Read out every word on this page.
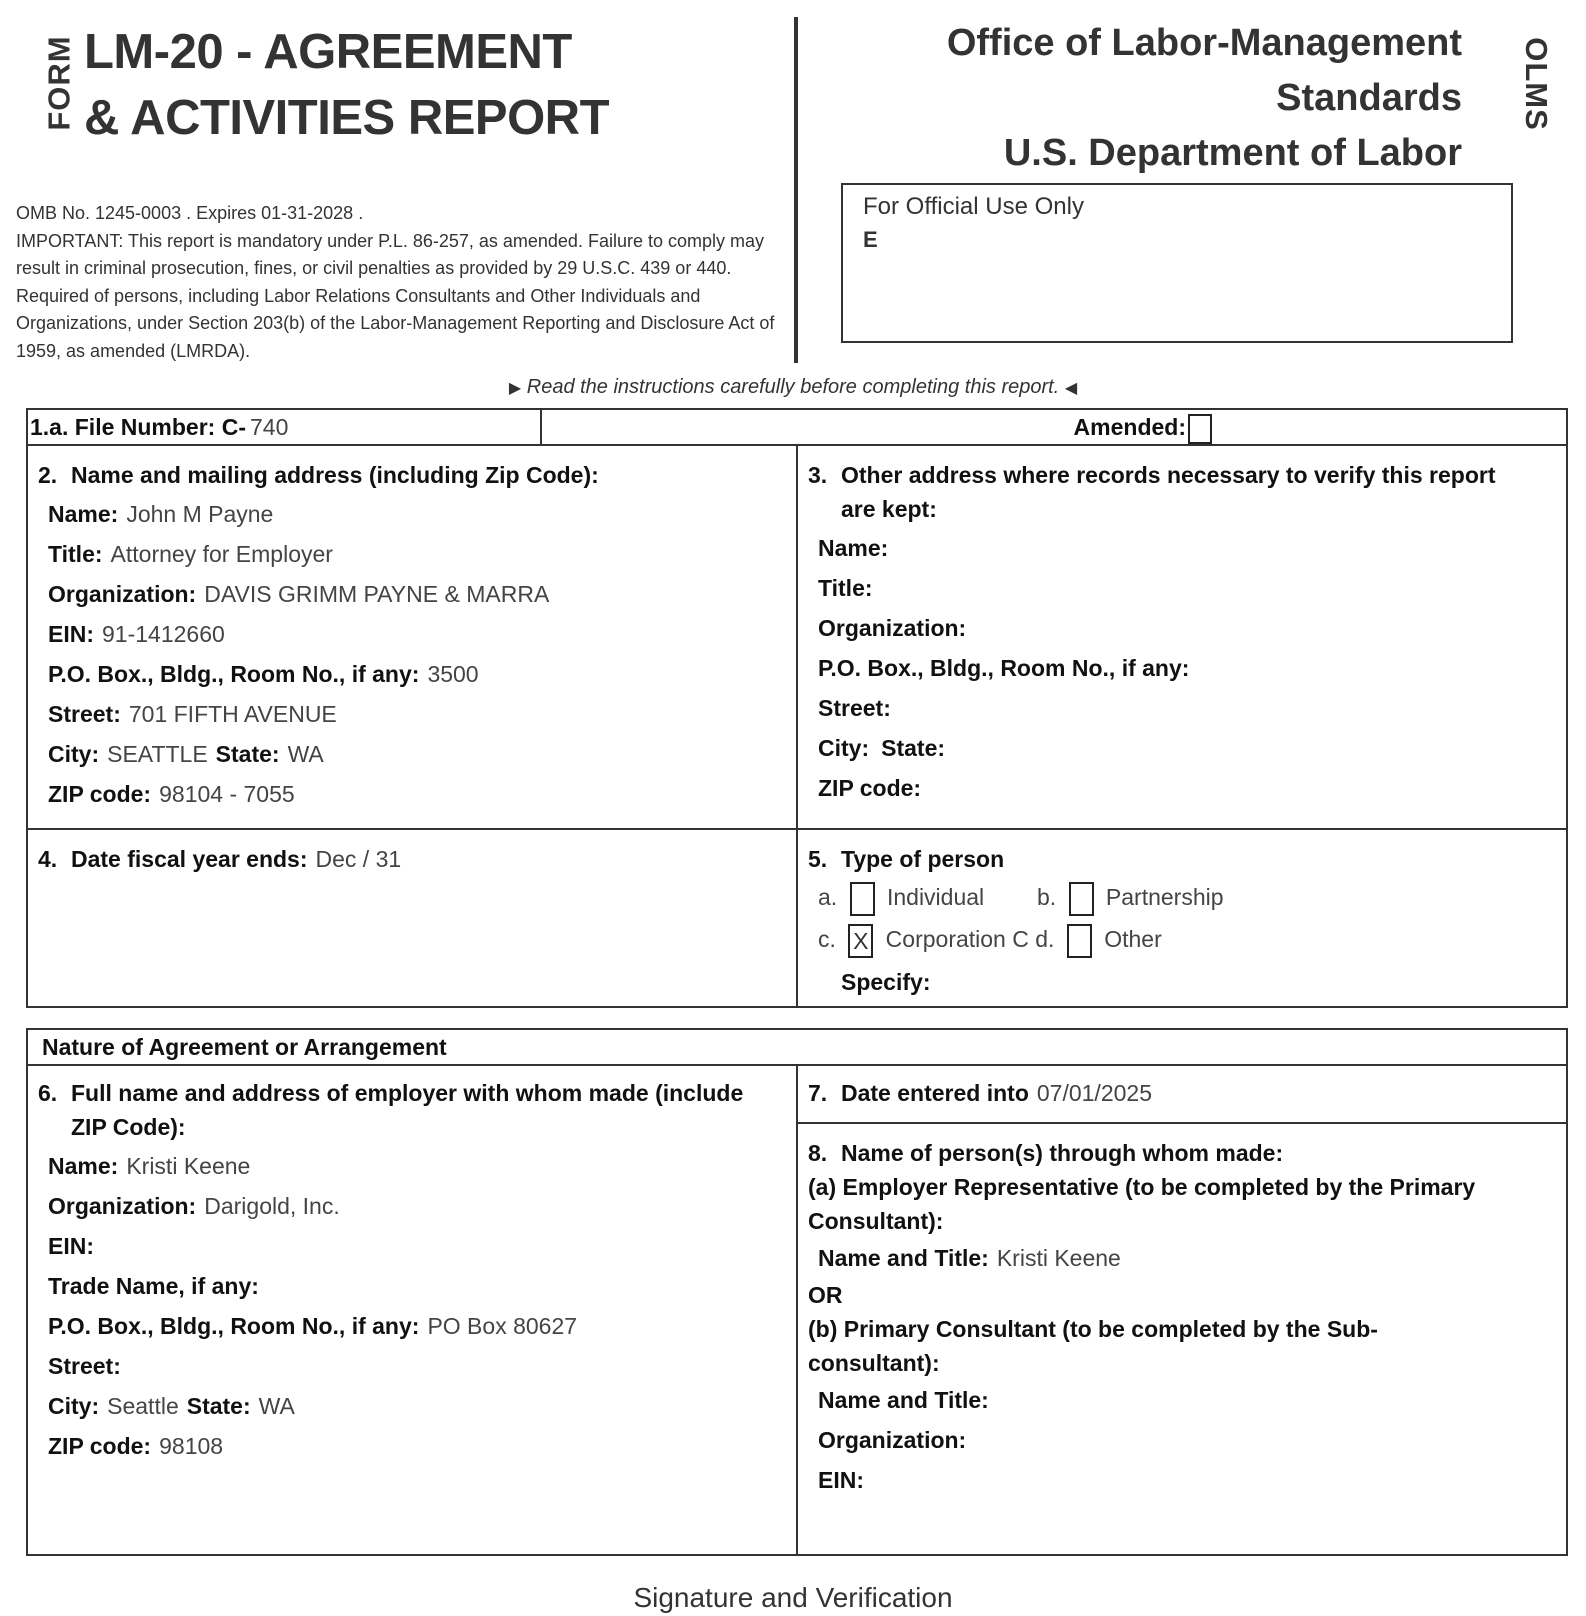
FORM LM-20 - AGREEMENT
& ACTIVITIES REPORT
OMB No. 1245-0003 . Expires 01-31-2028 .
IMPORTANT: This report is mandatory under P.L. 86-257, as amended. Failure to comply may result in criminal prosecution, fines, or civil penalties as provided by 29 U.S.C. 439 or 440. Required of persons, including Labor Relations Consultants and Other Individuals and Organizations, under Section 203(b) of the Labor-Management Reporting and Disclosure Act of 1959, as amended (LMRDA).
Office of Labor-Management
Standards
U.S. Department of Labor
OLMS
For Official Use Only
E
▶ Read the instructions carefully before completing this report. ◀
1.a. File Number: C- 740	Amended:
2. Name and mailing address (including Zip Code):
Name: John M Payne
Title: Attorney for Employer
Organization: DAVIS GRIMM PAYNE & MARRA
EIN: 91-1412660
P.O. Box., Bldg., Room No., if any: 3500
Street: 701 FIFTH AVENUE
City: SEATTLE State: WA
ZIP code: 98104 - 7055
3. Other address where records necessary to verify this report
are kept:
Name:
Title:
Organization:
P.O. Box., Bldg., Room No., if any:
Street:
City: State:
ZIP code:
4. Date fiscal year ends: Dec / 31	5. Type of person
a. Individual b. Partnership
c. X Corporation C d. Other
Specify:
Nature of Agreement or Arrangement
6. Full name and address of employer with whom made (include
ZIP Code):
Name: Kristi Keene
Organization: Darigold, Inc.
EIN:
Trade Name, if any:
P.O. Box., Bldg., Room No., if any: PO Box 80627
Street:
City: Seattle State: WA
ZIP code: 98108
7. Date entered into 07/01/2025
8. Name of person(s) through whom made:
(a) Employer Representative (to be completed by the Primary
Consultant):
Name and Title: Kristi Keene
OR
(b) Primary Consultant (to be completed by the Sub-
consultant):
Name and Title:
Organization:
EIN:
Signature and Verification
